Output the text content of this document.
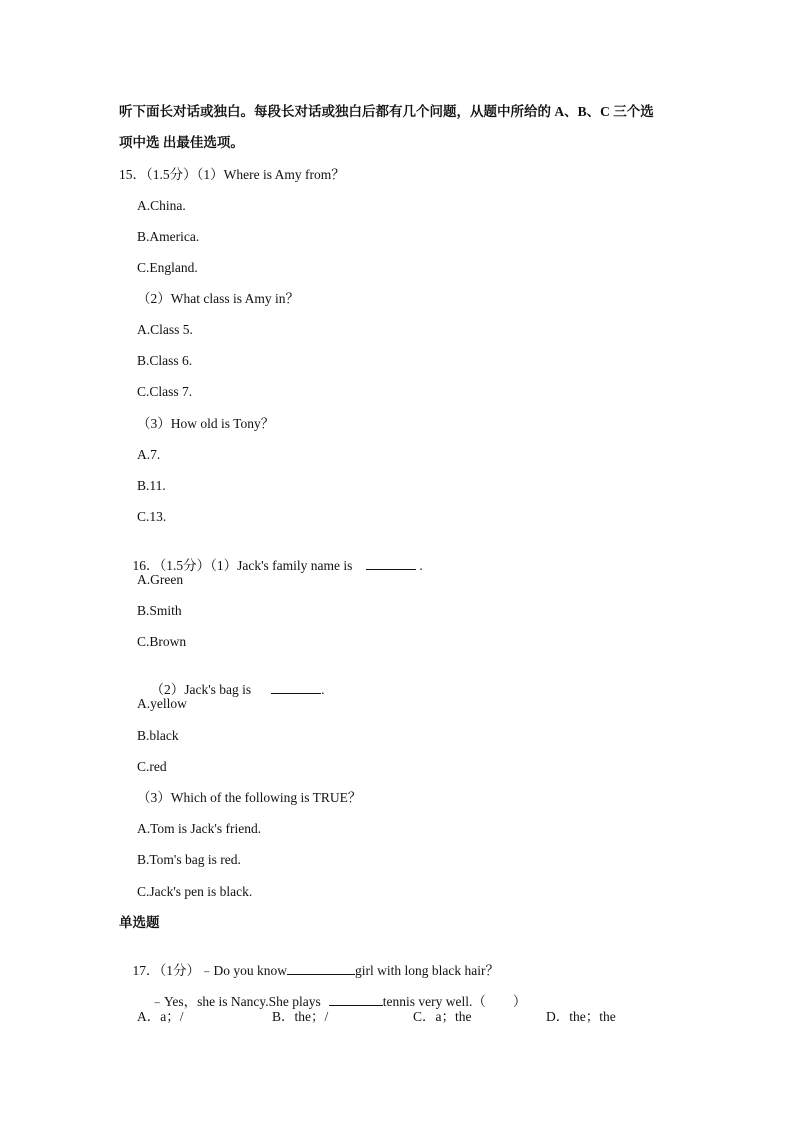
听下面长对话或独白。每段长对话或独白后都有几个问题，从题中所给的 A、B、C 三个选
项中选 出最佳选项。
15．（1.5分）（1）Where is Amy from？
A.China.
B.America.
C.England.
（2）What class is Amy in？
A.Class 5.
B.Class 6.
C.Class 7.
（3）How old is Tony？
A.7.
B.11.
C.13.

16．（1.5分）（1）Jack's family name is	.

A.Green
B.Smith
C.Brown

（2）Jack's bag is	.

A.yellow
B.black
C.red
（3）Which of the following is TRUE？
A.Tom is Jack's friend.
B.Tom's bag is red.
C.Jack's pen is black.
单选题

17．（1分）﹣Do you know	girl with long black hair？

﹣Yes，she is Nancy.She plays	tennis very well.（　　）

A．a；/	B．the；/	C．a；the	D．the；the
